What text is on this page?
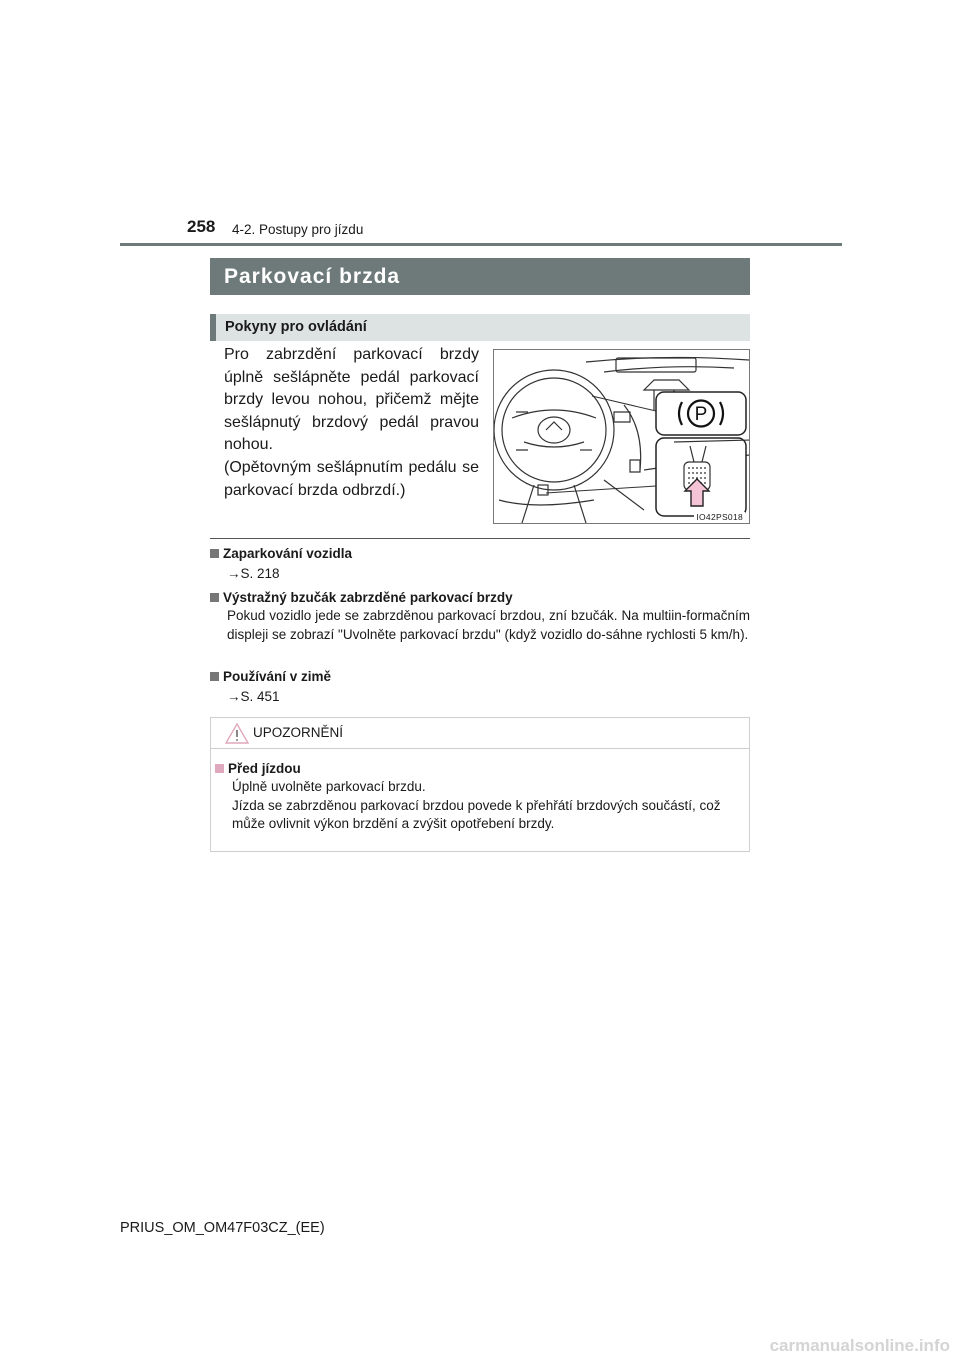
258 4-2. Postupy pro jízdu
Parkovací brzda
Pokyny pro ovládání

Pro zabrzdění parkovací brzdy úplně sešlápněte pedál parkovací brzdy levou nohou, přičemž mějte sešlápnutý brzdový pedál pravou nohou.

(Opětovným sešlápnutím pedálu se parkovací brzda odbrzdí.)

P
IO42PS018
Zaparkování vozidla
→S. 218
Výstražný bzučák zabrzděné parkovací brzdy
Pokud vozidlo jede se zabrzděnou parkovací brzdou, zní bzučák. Na multiin-formačním displeji se zobrazí "Uvolněte parkovací brzdu" (když vozidlo do-sáhne rychlosti 5 km/h).
Používání v zimě
→S. 451
UPOZORNĚNÍ
Před jízdou
Úplně uvolněte parkovací brzdu.
Jízda se zabrzděnou parkovací brzdou povede k přehřátí brzdových součástí, což může ovlivnit výkon brzdění a zvýšit opotřebení brzdy.
PRIUS_OM_OM47F03CZ_(EE)
carmanualsonline.info
